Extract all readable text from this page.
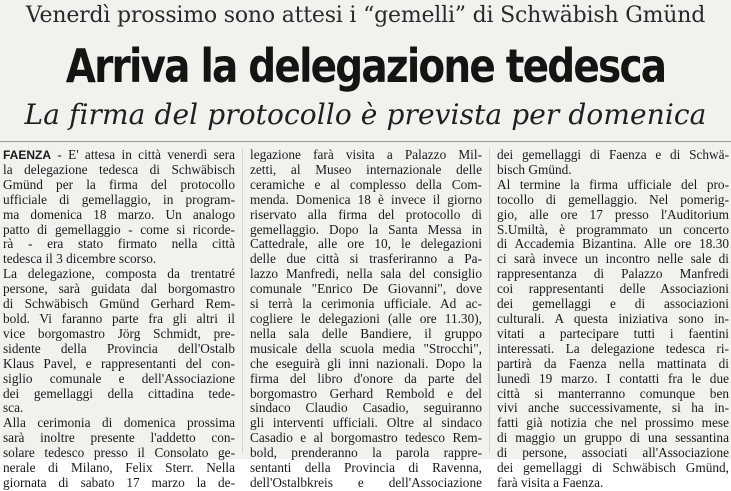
Venerdì prossimo sono attesi i “gemelli” di Schwäbish Gmünd
Arriva la delegazione tedesca
La firma del protocollo è prevista per domenica
FAENZA - E' attesa in città venerdì sera
la delegazione tedesca di Schwäbisch
Gmünd per la firma del protocollo
ufficiale di gemellaggio, in program-
ma domenica 18 marzo. Un analogo
patto di gemellaggio - come si ricorde-
rà - era stato firmato nella città
tedesca il 3 dicembre scorso.
La delegazione, composta da trentatré
persone, sarà guidata dal borgomastro
di Schwäbisch Gmünd Gerhard Rem-
bold. Vi faranno parte fra gli altri il
vice borgomastro Jörg Schmidt, pre-
sidente della Provincia dell'Ostalb
Klaus Pavel, e rappresentanti del con-
siglio comunale e dell'Associazione
dei gemellaggi della cittadina tede-
sca.
Alla cerimonia di domenica prossima
sarà inoltre presente l'addetto con-
solare tedesco presso il Consolato ge-
nerale di Milano, Felix Sterr. Nella
giornata di sabato 17 marzo la de-
legazione farà visita a Palazzo Mil-
zetti, al Museo internazionale delle
ceramiche e al complesso della Com-
menda. Domenica 18 è invece il giorno
riservato alla firma del protocollo di
gemellaggio. Dopo la Santa Messa in
Cattedrale, alle ore 10, le delegazioni
delle due città si trasferiranno a Pa-
lazzo Manfredi, nella sala del consiglio
comunale "Enrico De Giovanni", dove
si terrà la cerimonia ufficiale. Ad ac-
cogliere le delegazioni (alle ore 11.30),
nella sala delle Bandiere, il gruppo
musicale della scuola media "Strocchi",
che eseguirà gli inni nazionali. Dopo la
firma del libro d'onore da parte del
borgomastro Gerhard Rembold e del
sindaco Claudio Casadio, seguiranno
gli interventi ufficiali. Oltre al sindaco
Casadio e al borgomastro tedesco Rem-
bold, prenderanno la parola rappre-
sentanti della Provincia di Ravenna,
dell'Ostalbkreis e dell'Associazione
dei gemellaggi di Faenza e di Schwä-
bisch Gmünd.
Al termine la firma ufficiale del pro-
tocollo di gemellaggio. Nel pomerig-
gio, alle ore 17 presso l'Auditorium
S.Umiltà, è programmato un concerto
di Accademia Bizantina. Alle ore 18.30
ci sarà invece un incontro nelle sale di
rappresentanza di Palazzo Manfredi
coi rappresentanti delle Associazioni
dei gemellaggi e di associazioni
culturali. A questa iniziativa sono in-
vitati a partecipare tutti i faentini
interessati. La delegazione tedesca ri-
partirà da Faenza nella mattinata di
lunedì 19 marzo. I contatti fra le due
città si manterranno comunque ben
vivi anche successivamente, si ha in-
fatti già notizia che nel prossimo mese
di maggio un gruppo di una sessantina
di persone, associati all'Associazione
dei gemellaggi di Schwäbisch Gmünd,
farà visita a Faenza.
